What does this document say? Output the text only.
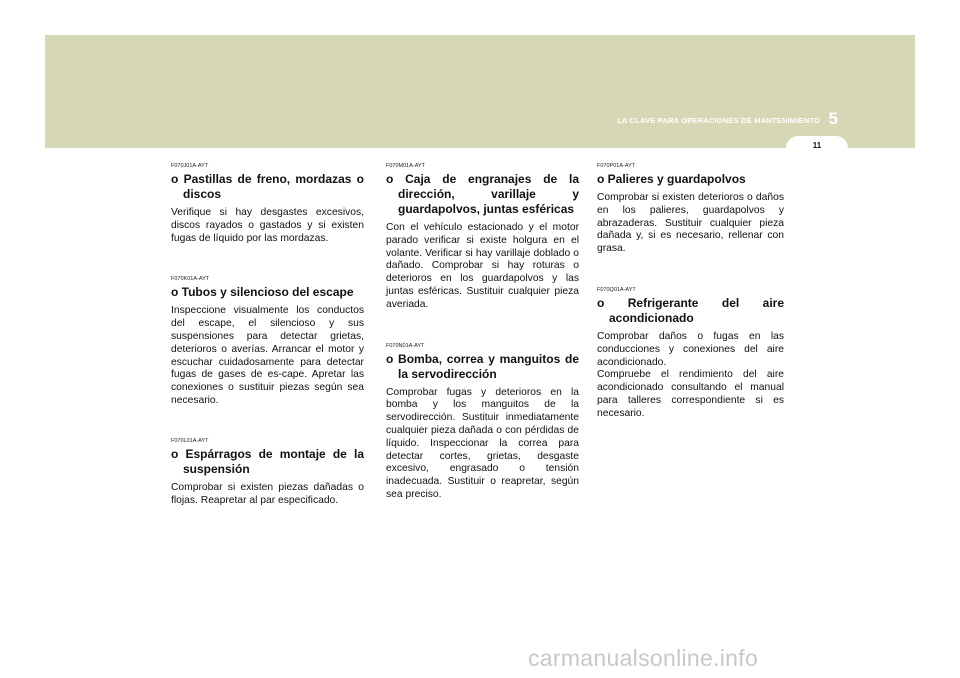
5
LA CLAVE PARA OPERACIONES DE MANTENIMIENTO
11

F070J01A-AYT

o Pastillas de freno, mordazas o discos

Verifique si hay desgastes excesivos, discos rayados o gastados y si existen fugas de líquido por las mordazas.

F070K01A-AYT

o Tubos y silencioso del escape

Inspeccione visualmente los conductos del escape, el silencioso y sus suspensiones para detectar grietas, deterioros o averías. Arrancar el motor y escuchar cuidadosamente para detectar fugas de gases de es-cape. Apretar las conexiones o sustituir piezas según sea necesario.

F070L01A-AYT

o Espárragos de montaje de la suspensión

Comprobar si existen piezas dañadas o flojas. Reapretar al par especificado.

F070M01A-AYT

o Caja de engranajes de la dirección, varillaje y guardapolvos, juntas esféricas

Con el vehículo estacionado y el motor parado verificar si existe holgura en el volante. Verificar si hay varillaje doblado o dañado. Comprobar si hay roturas o deterioros en los guardapolvos y las juntas esféricas. Sustituir cualquier pieza averiada.

F070N01A-AYT

o Bomba, correa y manguitos de la servodirección

Comprobar fugas y deterioros en la bomba y los manguitos de la servodirección. Sustituir inmediatamente cualquier pieza dañada o con pérdidas de líquido. Inspeccionar la correa para detectar cortes, grietas, desgaste excesivo, engrasado o tensión inadecuada. Sustituir o reapretar, según sea preciso.

F070P01A-AYT

o Palieres y guardapolvos

Comprobar si existen deterioros o daños en los palieres, guardapolvos y abrazaderas. Sustituir cualquier pieza dañada y, si es necesario, rellenar con grasa.

F070Q01A-AYT

o Refrigerante del aire acondicionado

Comprobar daños o fugas en las conducciones y conexiones del aire acondicionado.

Compruebe el rendimiento del aire acondicionado consultando el manual para talleres correspondiente si es necesario.

carmanualsonline.info
